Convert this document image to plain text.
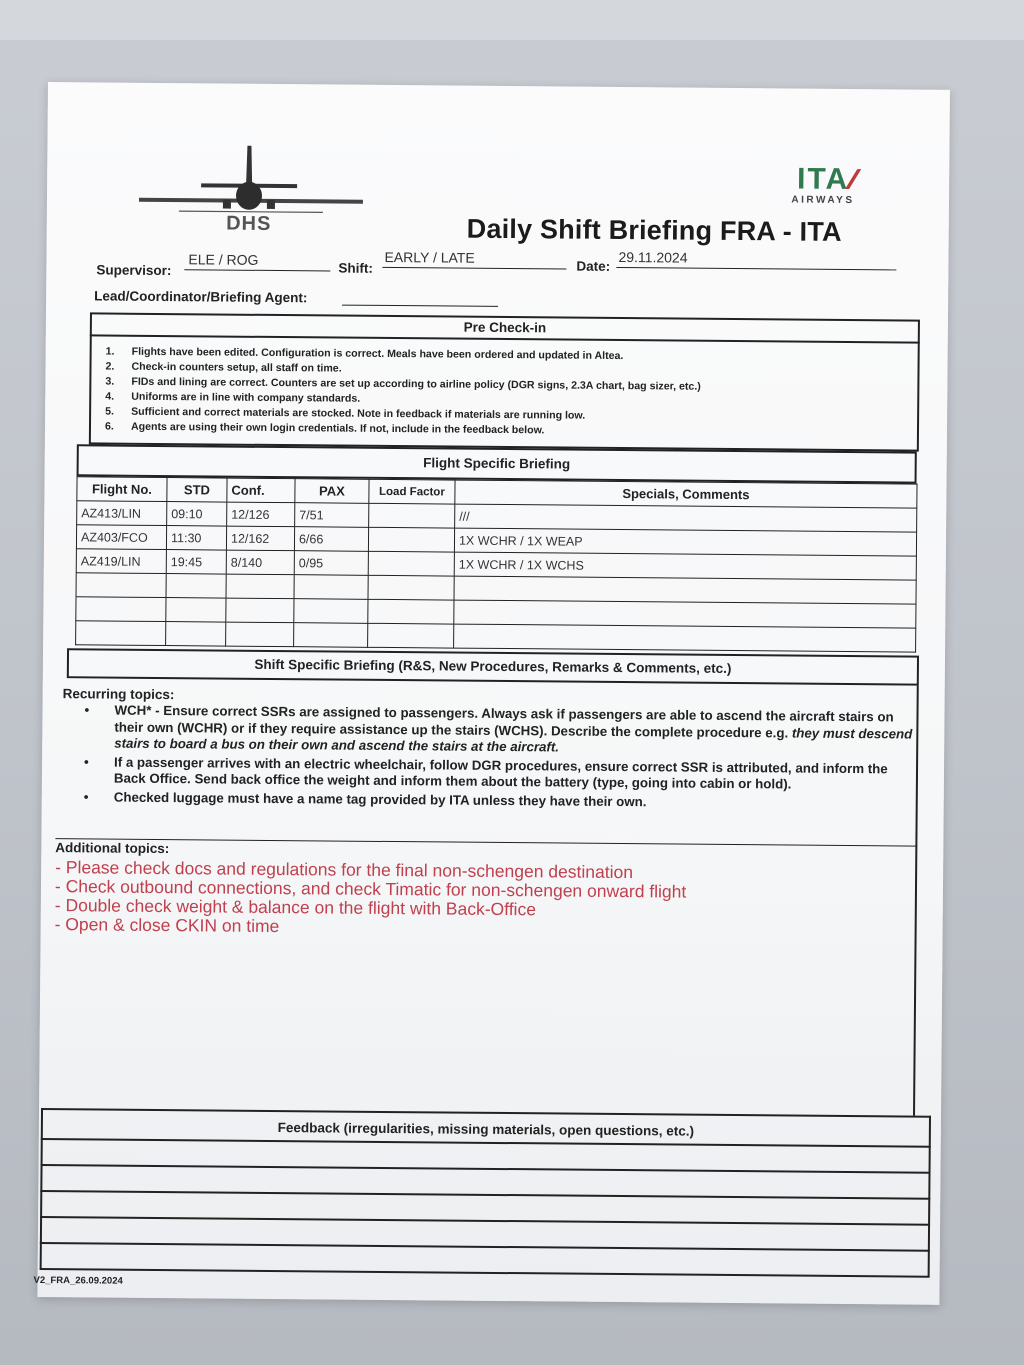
DHS
ITA
AIRWAYS
Daily Shift Briefing FRA - ITA
Supervisor:
ELE / ROG
Shift:
EARLY / LATE
Date:
29.11.2024
Lead/Coordinator/Briefing Agent:
Pre Check-in
1. Flights have been edited. Configuration is correct. Meals have been ordered and updated in Altea.
2. Check-in counters setup, all staff on time.
3. FIDs and lining are correct. Counters are set up according to airline policy (DGR signs, 2.3A chart, bag sizer, etc.)
4. Uniforms are in line with company standards.
5. Sufficient and correct materials are stocked. Note in feedback if materials are running low.
6. Agents are using their own login credentials. If not, include in the feedback below.
Flight Specific Briefing
Flight No.	STD	Conf.	PAX	Load Factor	Specials, Comments
AZ413/LIN	09:10	12/126	7/51		///
AZ403/FCO	11:30	12/162	6/66		1X WCHR / 1X WEAP
AZ419/LIN	19:45	8/140	0/95		1X WCHR / 1X WCHS

Shift Specific Briefing (R&S, New Procedures, Remarks & Comments, etc.)
Recurring topics:
• WCH* - Ensure correct SSRs are assigned to passengers. Always ask if passengers are able to ascend the aircraft stairs on their own (WCHR) or if they require assistance up the stairs (WCHS). Describe the complete procedure e.g. they must descend stairs to board a bus on their own and ascend the stairs at the aircraft.
• If a passenger arrives with an electric wheelchair, follow DGR procedures, ensure correct SSR is attributed, and inform the Back Office. Send back office the weight and inform them about the battery (type, going into cabin or hold).
• Checked luggage must have a name tag provided by ITA unless they have their own.
Additional topics:
- Please check docs and regulations for the final non-schengen destination
- Check outbound connections, and check Timatic for non-schengen onward flight
- Double check weight & balance on the flight with Back-Office
- Open & close CKIN on time
Feedback (irregularities, missing materials, open questions, etc.)
V2_FRA_26.09.2024
